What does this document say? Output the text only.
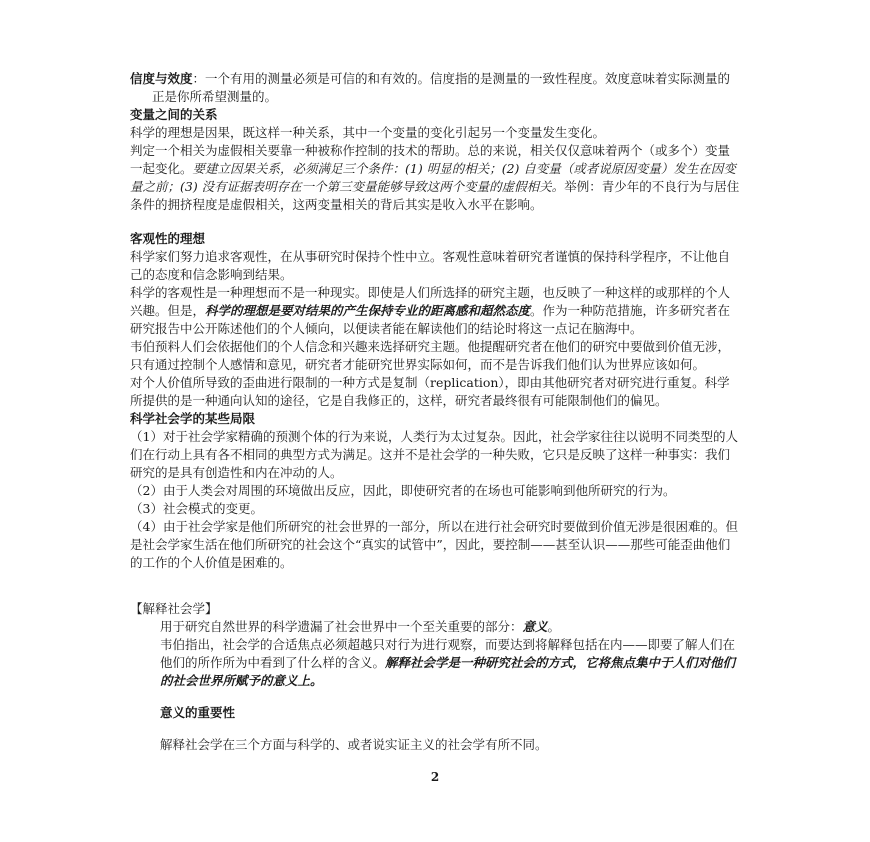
信度与效度：一个有用的测量必须是可信的和有效的。信度指的是测量的一致性程度。效度意味着实际测量的正是你所希望测量的。

变量之间的关系

科学的理想是因果，既这样一种关系，其中一个变量的变化引起另一个变量发生变化。

判定一个相关为虚假相关要靠一种被称作控制的技术的帮助。总的来说，相关仅仅意味着两个（或多个）变量一起变化。要建立因果关系，必须满足三个条件：(1) 明显的相关；(2) 自变量（或者说原因变量）发生在因变量之前；(3) 没有证据表明存在一个第三变量能够导致这两个变量的虚假相关。举例：青少年的不良行为与居住条件的拥挤程度是虚假相关，这两变量相关的背后其实是收入水平在影响。

客观性的理想

科学家们努力追求客观性，在从事研究时保持个性中立。客观性意味着研究者谨慎的保持科学程序，不让他自己的态度和信念影响到结果。

科学的客观性是一种理想而不是一种现实。即使是人们所选择的研究主题，也反映了一种这样的或那样的个人兴趣。但是，科学的理想是要对结果的产生保持专业的距离感和超然态度。作为一种防范措施，许多研究者在研究报告中公开陈述他们的个人倾向，以便读者能在解读他们的结论时将这一点记在脑海中。

韦伯预料人们会依据他们的个人信念和兴趣来选择研究主题。他提醒研究者在他们的研究中要做到价值无涉，只有通过控制个人感情和意见，研究者才能研究世界实际如何，而不是告诉我们他们认为世界应该如何。

对个人价值所导致的歪曲进行限制的一种方式是复制（replication），即由其他研究者对研究进行重复。科学所提供的是一种通向认知的途径，它是自我修正的，这样，研究者最终很有可能限制他们的偏见。

科学社会学的某些局限

（1）对于社会学家精确的预测个体的行为来说，人类行为太过复杂。因此，社会学家往往以说明不同类型的人们在行动上具有各不相同的典型方式为满足。这并不是社会学的一种失败，它只是反映了这样一种事实：我们研究的是具有创造性和内在冲动的人。

（2）由于人类会对周围的环境做出反应，因此，即使研究者的在场也可能影响到他所研究的行为。

（3）社会模式的变更。

（4）由于社会学家是他们所研究的社会世界的一部分，所以在进行社会研究时要做到价值无涉是很困难的。但是社会学家生活在他们所研究的社会这个“真实的试管中”，因此，要控制——甚至认识——那些可能歪曲他们的工作的个人价值是困难的。

【解释社会学】

用于研究自然世界的科学遗漏了社会世界中一个至关重要的部分：意义。

韦伯指出，社会学的合适焦点必须超越只对行为进行观察，而要达到将解释包括在内——即要了解人们在他们的所作所为中看到了什么样的含义。解释社会学是一种研究社会的方式，它将焦点集中于人们对他们的社会世界所赋予的意义上。

意义的重要性

解释社会学在三个方面与科学的、或者说实证主义的社会学有所不同。

2
